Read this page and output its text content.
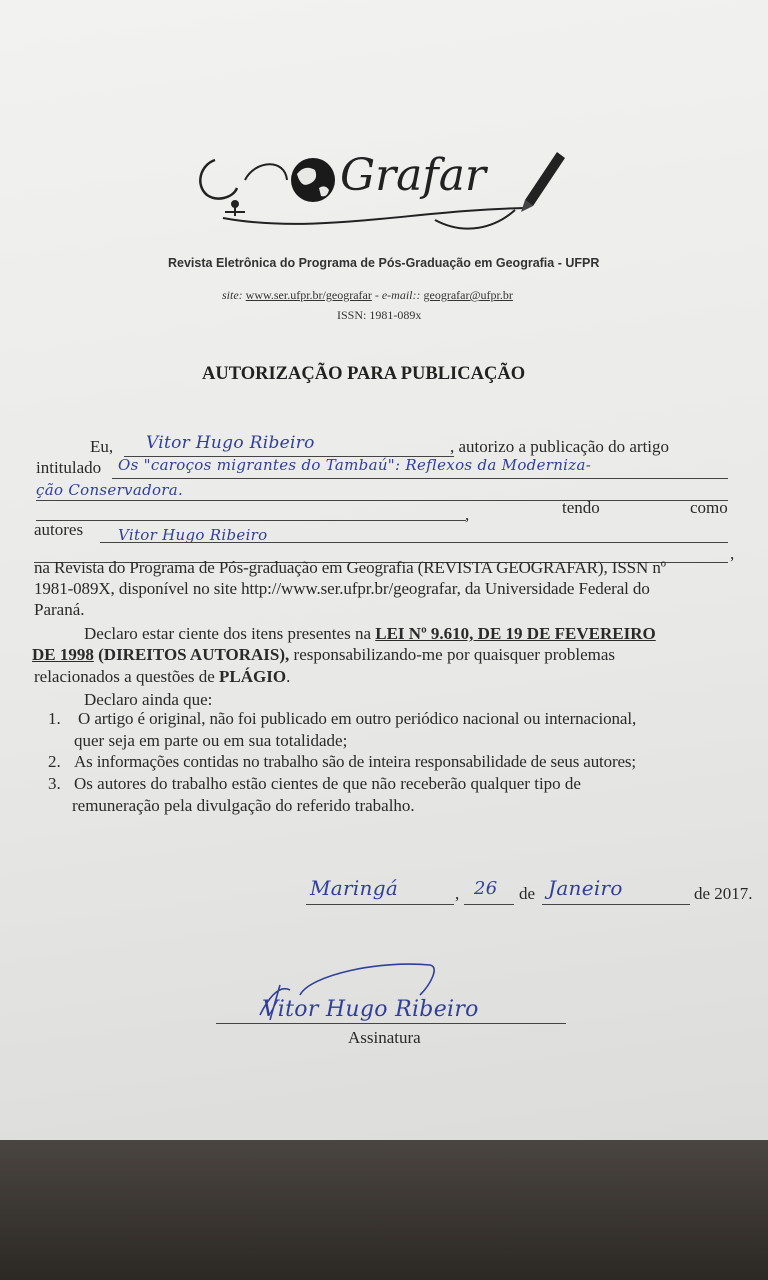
Grafar
Revista Eletrônica do Programa de Pós-Graduação em Geografia - UFPR
site: www.ser.ufpr.br/geografar - e-mail:: geografar@ufpr.br
ISSN: 1981-089x
AUTORIZAÇÃO PARA PUBLICAÇÃO
Eu, Vitor Hugo Ribeiro	, autorizo a publicação do artigo
intitulado Os "caroços migrantes do Tambaú": Reflexos da Moderniza-
ção Conservadora.
,	tendo	como
autores Vitor Hugo Ribeiro
,
na Revista do Programa de Pós-graduação em Geografia (REVISTA GEOGRAFAR), ISSN nº
1981-089X, disponível no site http://www.ser.ufpr.br/geografar, da Universidade Federal do
Paraná.
Declaro estar ciente dos itens presentes na LEI Nº 9.610, DE 19 DE FEVEREIRO
DE 1998 (DIREITOS AUTORAIS), responsabilizando-me por quaisquer problemas
relacionados a questões de PLÁGIO.
Declaro ainda que:
1. O artigo é original, não foi publicado em outro periódico nacional ou internacional,
quer seja em parte ou em sua totalidade;
2. As informações contidas no trabalho são de inteira responsabilidade de seus autores;
3. Os autores do trabalho estão cientes de que não receberão qualquer tipo de
remuneração pela divulgação do referido trabalho.
Maringá	, 26 de Janeiro	de 2017.
Vitor Hugo Ribeiro
Assinatura
